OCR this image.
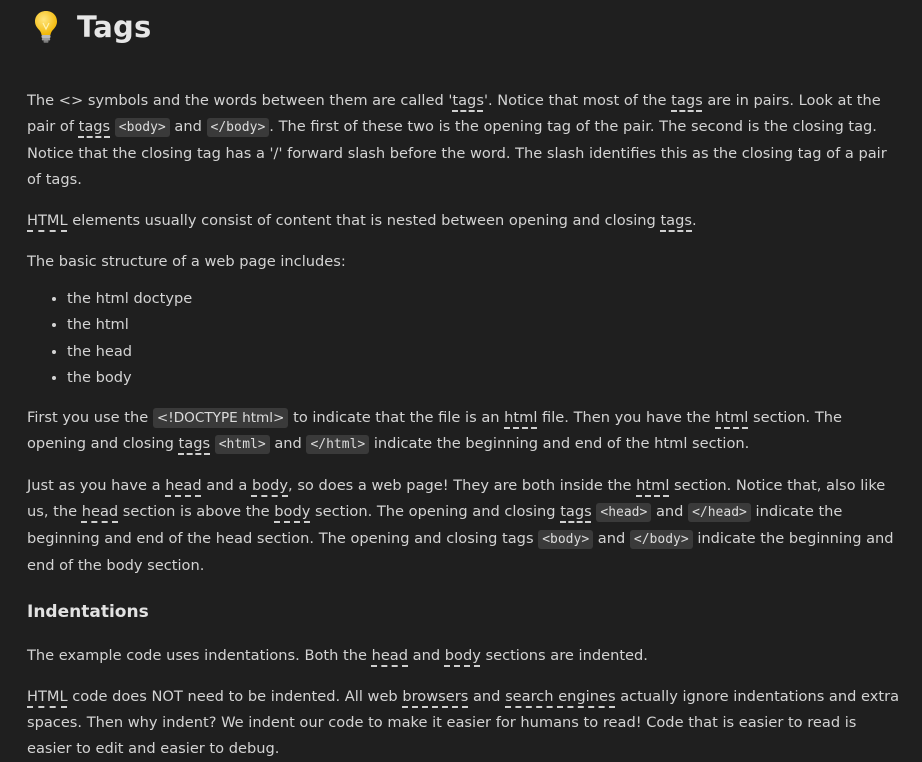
Tags

The <> symbols and the words between them are called 'tags'. Notice that most of the tags are in pairs. Look at the pair of tags <body> and </body> . The first of these two is the opening tag of the pair. The second is the closing tag. Notice that the closing tag has a '/' forward slash before the word. The slash identifies this as the closing tag of a pair of tags.

HTML elements usually consist of content that is nested between opening and closing tags.

The basic structure of a web page includes:

• the html doctype
• the html
• the head
• the body

First you use the <!DOCTYPE html> to indicate that the file is an html file. Then you have the html section. The opening and closing tags <html> and </html> indicate the beginning and end of the html section.

Just as you have a head and a body, so does a web page! They are both inside the html section. Notice that, also like us, the head section is above the body section. The opening and closing tags <head> and </head> indicate the beginning and end of the head section. The opening and closing tags <body> and </body> indicate the beginning and end of the body section.

Indentations

The example code uses indentations. Both the head and body sections are indented.

HTML code does NOT need to be indented. All web browsers and search engines actually ignore indentations and extra spaces. Then why indent? We indent our code to make it easier for humans to read! Code that is easier to read is easier to edit and easier to debug.
